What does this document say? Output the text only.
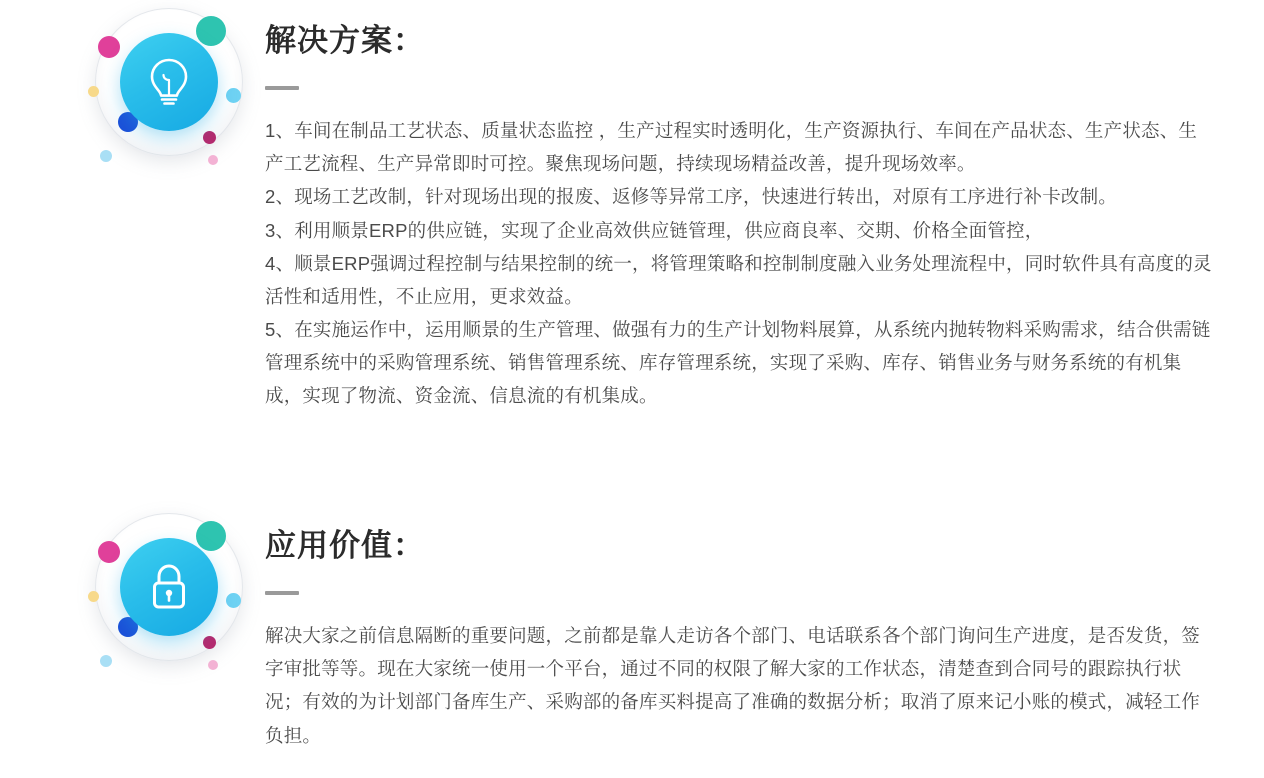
解决方案：

1、车间在制品工艺状态、质量状态监控 ，生产过程实时透明化，生产资源执行、车间在产品状态、生产状态、生产工艺流程、生产异常即时可控。聚焦现场问题，持续现场精益改善，提升现场效率。

2、现场工艺改制，针对现场出现的报废、返修等异常工序，快速进行转出，对原有工序进行补卡改制。

3、利用顺景ERP的供应链，实现了企业高效供应链管理，供应商良率、交期、价格全面管控，

4、顺景ERP强调过程控制与结果控制的统一，将管理策略和控制制度融入业务处理流程中，同时软件具有高度的灵活性和适用性，不止应用，更求效益。

5、在实施运作中，运用顺景的生产管理、做强有力的生产计划物料展算，从系统内抛转物料采购需求，结合供需链管理系统中的采购管理系统、销售管理系统、库存管理系统，实现了采购、库存、销售业务与财务系统的有机集成，实现了物流、资金流、信息流的有机集成。

应用价值：

解决大家之前信息隔断的重要问题，之前都是靠人走访各个部门、电话联系各个部门询问生产进度，是否发货，签字审批等等。现在大家统一使用一个平台，通过不同的权限了解大家的工作状态，清楚查到合同号的跟踪执行状况；有效的为计划部门备库生产、采购部的备库买料提高了准确的数据分析；取消了原来记小账的模式，减轻工作负担。
